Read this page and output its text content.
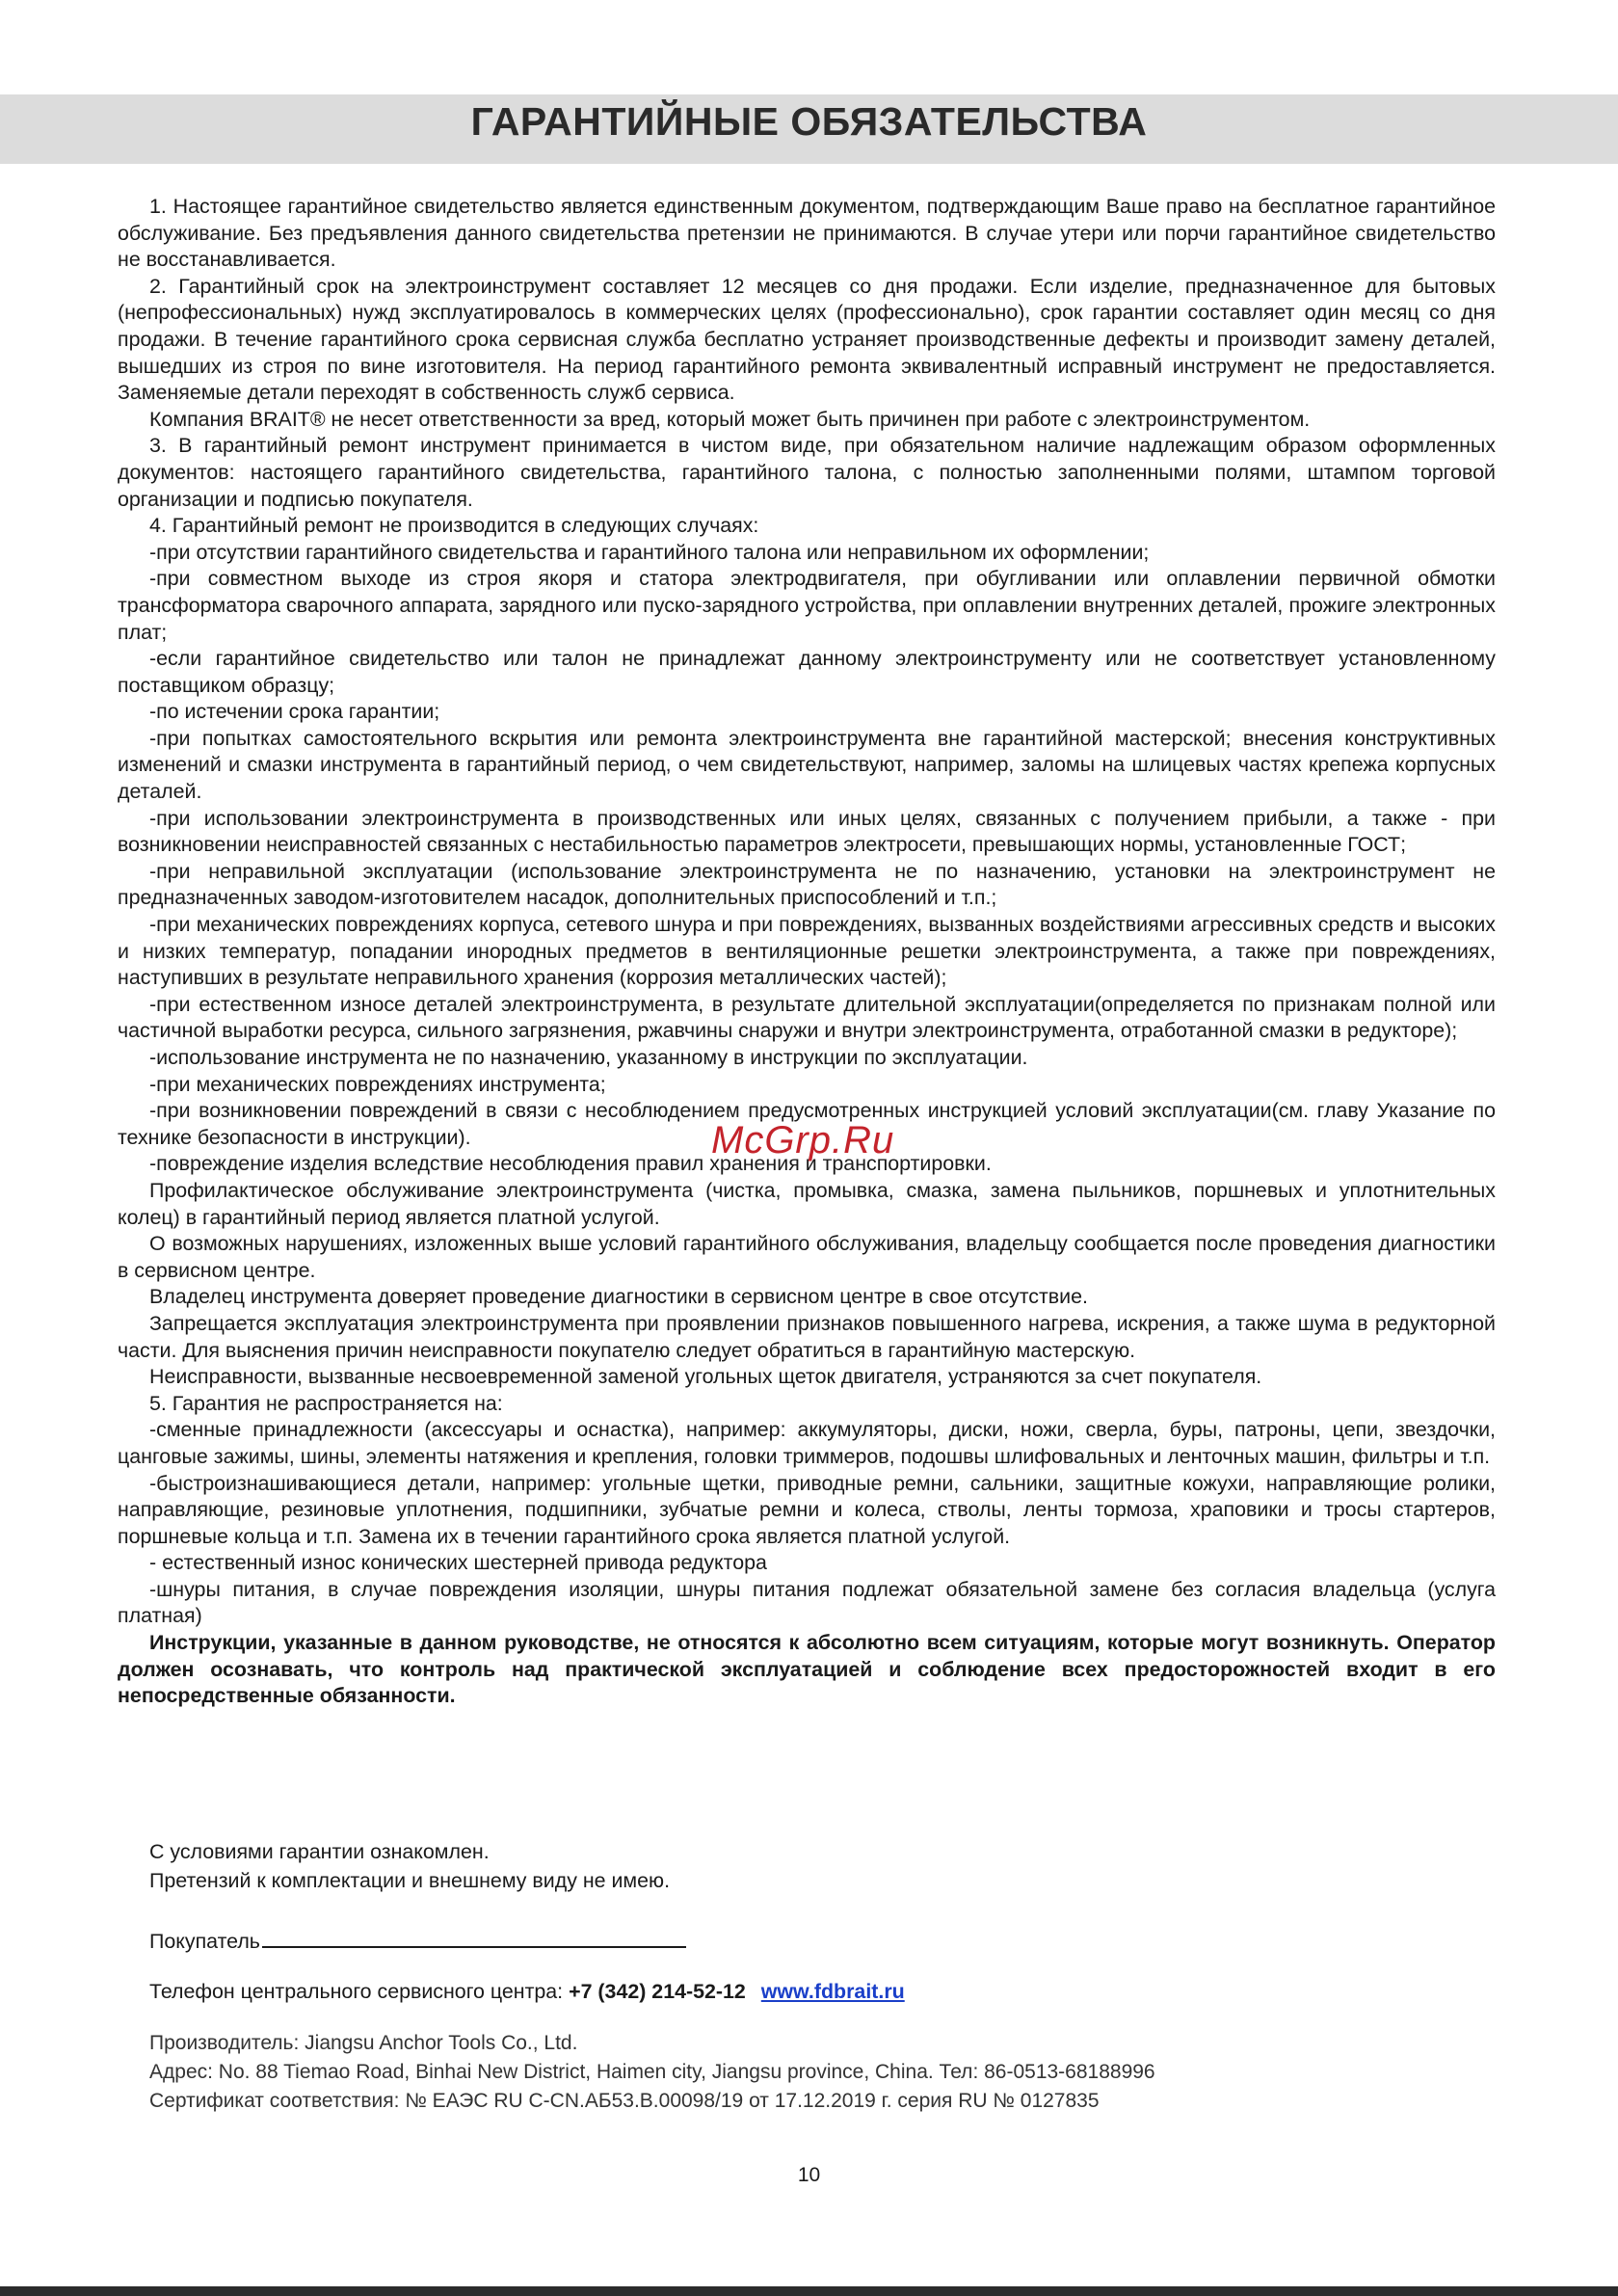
ГАРАНТИЙНЫЕ ОБЯЗАТЕЛЬСТВА

1. Настоящее гарантийное свидетельство является единственным документом, подтверждающим Ваше право на бесплатное гарантийное обслуживание. Без предъявления данного свидетельства претензии не принимаются. В случае утери или порчи гарантийное свидетельство не восстанавливается.

2. Гарантийный срок на электроинструмент составляет 12 месяцев со дня продажи. Если изделие, предназначенное для бытовых (непрофессиональных) нужд эксплуатировалось в коммерческих целях (профессионально), срок гарантии составляет один месяц со дня продажи. В течение гарантийного срока сервисная служба бесплатно устраняет производственные дефекты и производит замену деталей, вышедших из строя по вине изготовителя. На период гарантийного ремонта эквивалентный исправный инструмент не предоставляется. Заменяемые детали переходят в собственность служб сервиса.

Компания BRAIT® не несет ответственности за вред, который может быть причинен при работе с электроинструментом.

3. В гарантийный ремонт инструмент принимается в чистом виде, при обязательном наличие надлежащим образом оформленных документов: настоящего гарантийного свидетельства, гарантийного талона, с полностью заполненными полями, штампом торговой организации и подписью покупателя.

4. Гарантийный ремонт не производится в следующих случаях:

-при отсутствии гарантийного свидетельства и гарантийного талона или неправильном их оформлении;

-при совместном выходе из строя якоря и статора электродвигателя, при обугливании или оплавлении первичной обмотки трансформатора сварочного аппарата, зарядного или пуско-зарядного устройства, при оплавлении внутренних деталей, прожиге электронных плат;

-если гарантийное свидетельство или талон не принадлежат данному электроинструменту или не соответствует установленному поставщиком образцу;

-по истечении срока гарантии;

-при попытках самостоятельного вскрытия или ремонта электроинструмента вне гарантийной мастерской; внесения конструктивных изменений и смазки инструмента в гарантийный период, о чем свидетельствуют, например, заломы на шлицевых частях крепежа корпусных деталей.

-при использовании электроинструмента в производственных или иных целях, связанных с получением прибыли, а также - при возникновении неисправностей связанных с нестабильностью параметров электросети, превышающих нормы, установленные ГОСТ;

-при неправильной эксплуатации (использование электроинструмента не по назначению, установки на электроинструмент не предназначенных заводом-изготовителем насадок, дополнительных приспособлений и т.п.;

-при механических повреждениях корпуса, сетевого шнура и при повреждениях, вызванных воздействиями агрессивных средств и высоких и низких температур, попадании инородных предметов в вентиляционные решетки электроинструмента, а также при повреждениях, наступивших в результате неправильного хранения (коррозия металлических частей);

-при естественном износе деталей электроинструмента, в результате длительной эксплуатации(определяется по признакам полной или частичной выработки ресурса, сильного загрязнения, ржавчины снаружи и внутри электроинструмента, отработанной смазки в редукторе);

-использование инструмента не по назначению, указанному в инструкции по эксплуатации.

-при механических повреждениях инструмента;

-при возникновении повреждений в связи с несоблюдением предусмотренных инструкцией условий эксплуатации(см. главу Указание по технике безопасности в инструкции).

-повреждение изделия вследствие несоблюдения правил хранения и транспортировки.

Профилактическое обслуживание электроинструмента (чистка, промывка, смазка, замена пыльников, поршневых и уплотнительных колец) в гарантийный период является платной услугой.

О возможных нарушениях, изложенных выше условий гарантийного обслуживания, владельцу сообщается после проведения диагностики в сервисном центре.

Владелец инструмента доверяет проведение диагностики в сервисном центре в свое отсутствие.

Запрещается эксплуатация электроинструмента при проявлении признаков повышенного нагрева, искрения, а также шума в редукторной части. Для выяснения причин неисправности покупателю следует обратиться в гарантийную мастерскую.

Неисправности, вызванные несвоевременной заменой угольных щеток двигателя, устраняются за счет покупателя.

5. Гарантия не распространяется на:

-сменные принадлежности (аксессуары и оснастка), например: аккумуляторы, диски, ножи, сверла, буры, патроны, цепи, звездочки, цанговые зажимы, шины, элементы натяжения и крепления, головки триммеров, подошвы шлифовальных и ленточных машин, фильтры и т.п.

-быстроизнашивающиеся детали, например: угольные щетки, приводные ремни, сальники, защитные кожухи, направляющие ролики, направляющие, резиновые уплотнения, подшипники, зубчатые ремни и колеса, стволы, ленты тормоза, храповики и тросы стартеров, поршневые кольца и т.п. Замена их в течении гарантийного срока является платной услугой.

- естественный износ конических шестерней привода редуктора

-шнуры питания, в случае повреждения изоляции, шнуры питания подлежат обязательной замене без согласия владельца (услуга платная)

Инструкции, указанные в данном руководстве, не относятся к абсолютно всем ситуациям, которые могут возникнуть. Оператор должен осознавать, что контроль над практической эксплуатацией и соблюдение всех предосторожностей входит в его непосредственные обязанности.

McGrp.Ru
С условиями гарантии ознакомлен.
Претензий к комплектации и внешнему виду не имею.
Покупатель
Телефон центрального сервисного центра: +7 (342) 214-52-12 www.fdbrait.ru
Производитель: Jiangsu Anchor Tools Co., Ltd.
Адрес: No. 88 Tiemao Road, Binhai New District, Haimen city, Jiangsu province, China. Тел: 86-0513-68188996
Сертификат соответствия: № ЕАЭС RU C-CN.АБ53.В.00098/19 от 17.12.2019 г. серия RU № 0127835
10
